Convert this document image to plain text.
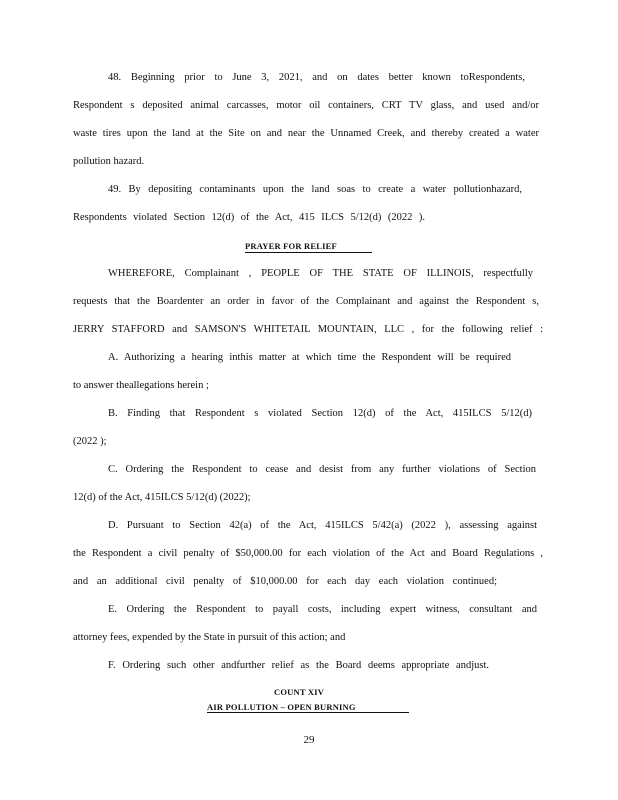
48. Beginning prior to June 3, 2021, and on dates better known toRespondents,
Respondent s deposited animal carcasses, motor oil containers, CRT TV glass, and used and/or
waste tires upon the land at the Site on and near the Unnamed Creek, and thereby created a water
pollution hazard.
49. By depositing contaminants upon the land soas to create a water pollutionhazard,
Respondents violated Section 12(d) of the Act, 415 ILCS 5/12(d) (2022 ).
PRAYER FOR RELIEF
WHEREFORE, Complainant , PEOPLE OF THE STATE OF ILLINOIS, respectfully
requests that the Boardenter an order in favor of the Complainant and against the Respondent s,
JERRY STAFFORD and SAMSON'S WHITETAIL MOUNTAIN, LLC , for the following relief :
A. Authorizing a hearing inthis matter at which time the Respondent will be required
to answer theallegations herein ;
B. Finding that Respondent s violated Section 12(d) of the Act, 415ILCS 5/12(d)
(2022 );
C. Ordering the Respondent to cease and desist from any further violations of Section
12(d) of the Act, 415ILCS 5/12(d) (2022);
D. Pursuant to Section 42(a) of the Act, 415ILCS 5/42(a) (2022 ), assessing against
the Respondent a civil penalty of $50,000.00 for each violation of the Act and Board Regulations ,
and an additional civil penalty of $10,000.00 for each day each violation continued;
E. Ordering the Respondent to payall costs, including expert witness, consultant and
attorney fees, expended by the State in pursuit of this action; and
F. Ordering such other andfurther relief as the Board deems appropriate andjust.
COUNT XIV
AIR POLLUTION – OPEN BURNING
29
